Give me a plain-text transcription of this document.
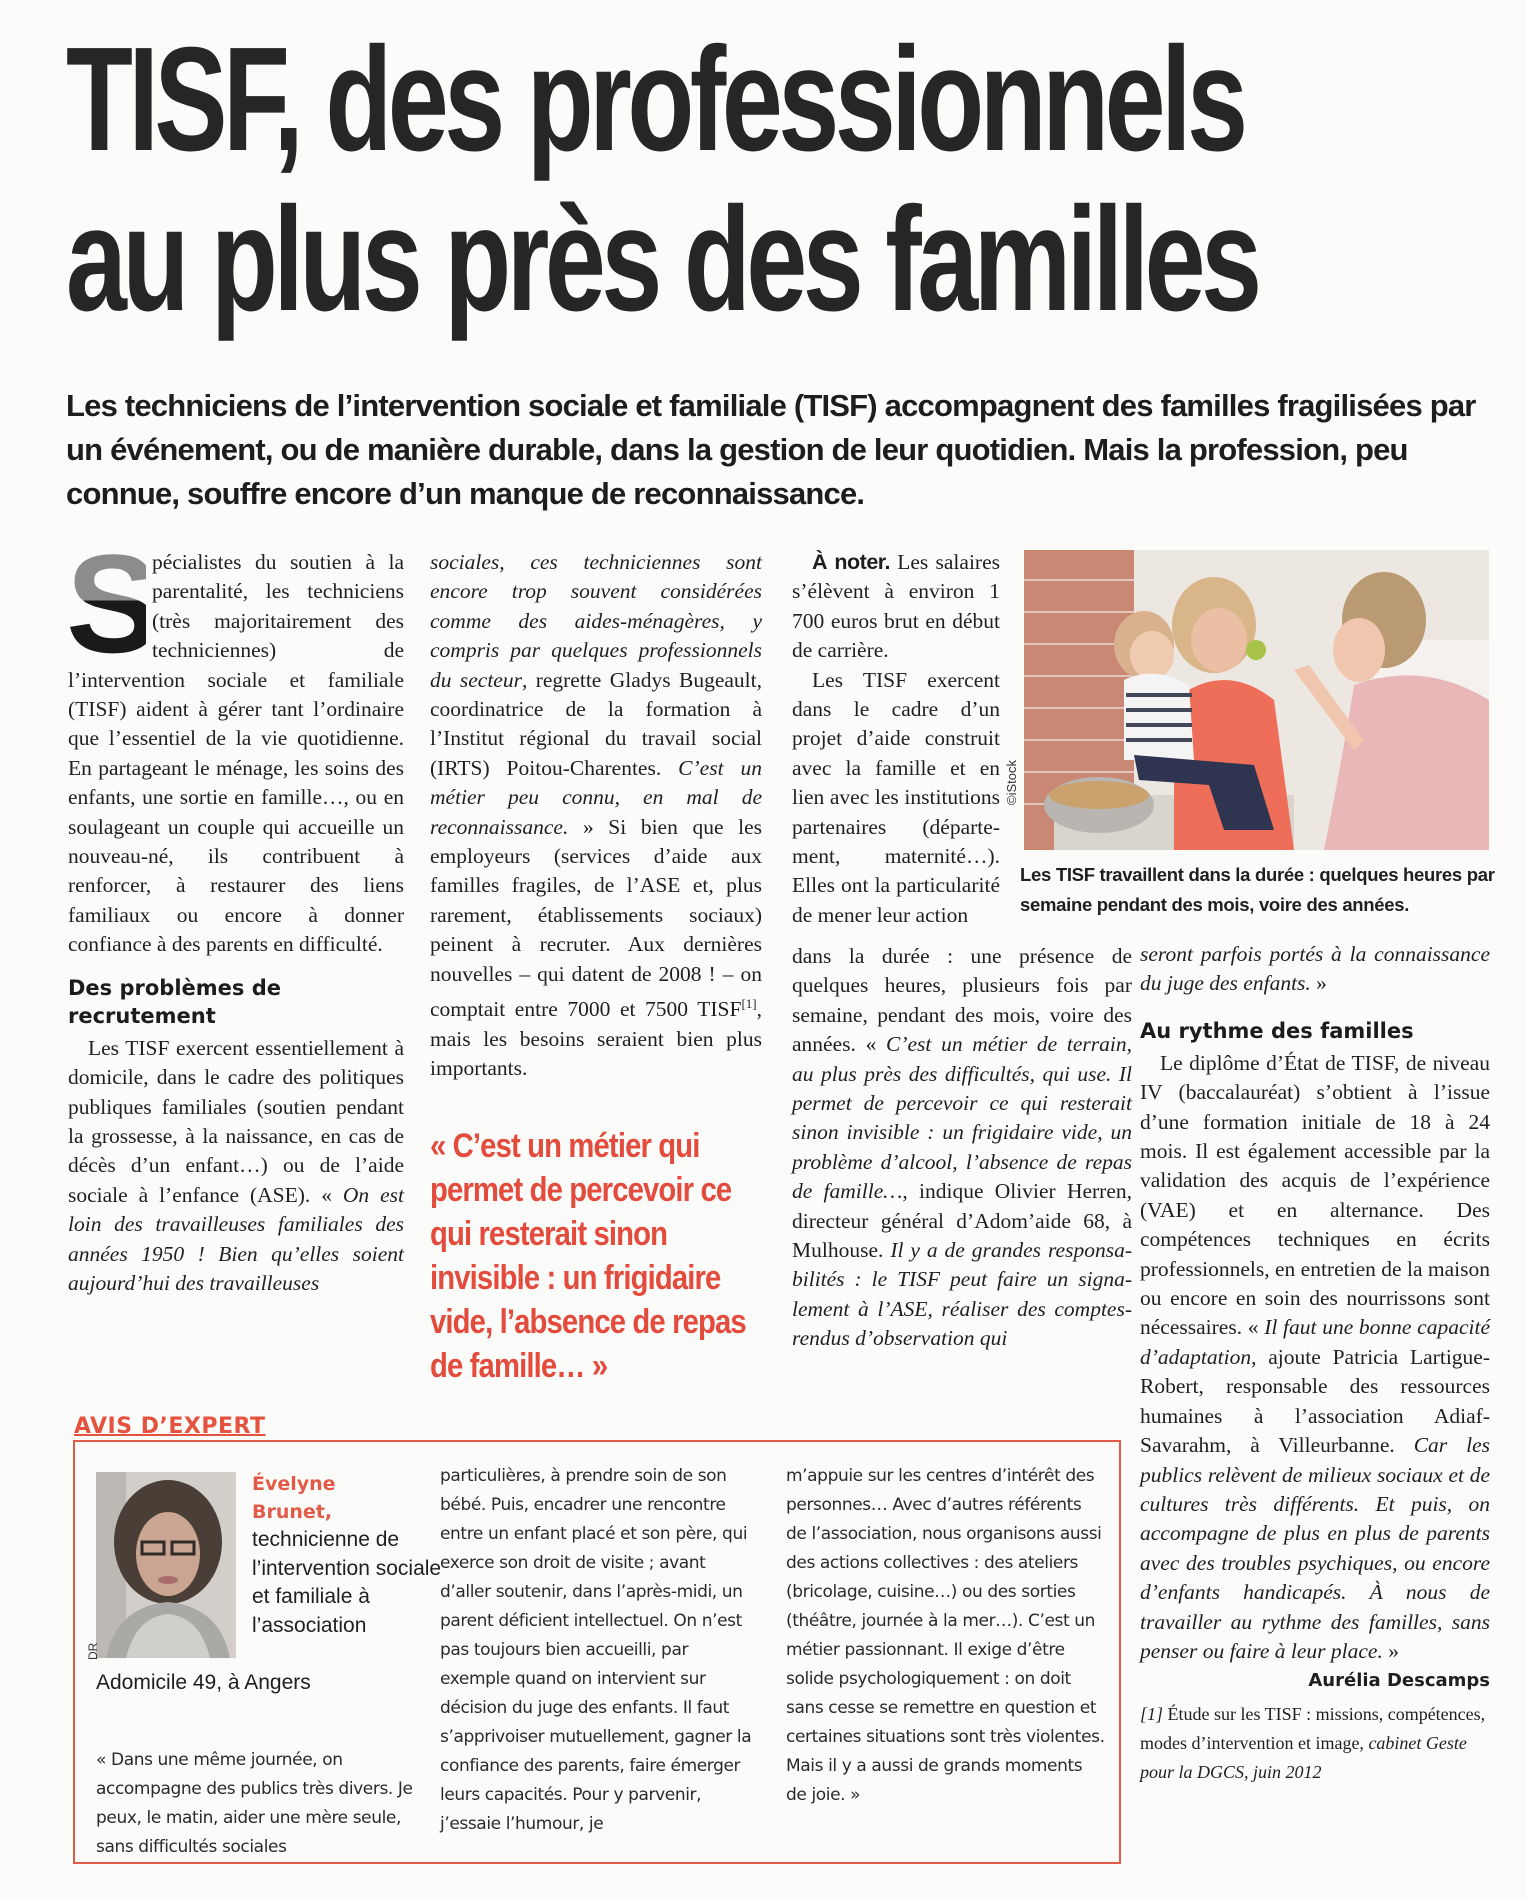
TISF, des professionnels
au plus près des familles
Les techniciens de l’intervention sociale et familiale (TISF) accompagnent des familles fragilisées par un événement, ou de manière durable, dans la gestion de leur quotidien. Mais la profession, peu connue, souffre encore d’un manque de reconnaissance.

S
pécialistes du soutien à la parentalité, les techniciens (très majoritairement des techniciennes) de l’intervention sociale et familiale (TISF) aident à gérer tant l’ordinaire que l’essentiel de la vie quotidienne. En partageant le ménage, les soins des enfants, une sortie en famille…, ou en soulageant un couple qui accueille un nouveau-né, ils contribuent à renforcer, à restaurer des liens familiaux ou encore à donner confiance à des parents en difficulté.

Des problèmes de recrutement

Les TISF exercent essentiellement à domicile, dans le cadre des politiques publiques familiales (soutien pendant la grossesse, à la naissance, en cas de décès d’un enfant…) ou de l’aide sociale à l’enfance (ASE). « On est loin des travailleuses familiales des années 1950 ! Bien qu’elles soient aujourd’hui des travailleuses

sociales, ces techniciennes sont encore trop souvent considérées comme des aides-ménagères, y compris par quelques professionnels du secteur, regrette Gladys Bugeault, coordinatrice de la formation à l’Institut régional du travail social (IRTS) Poitou-Charentes. C’est un métier peu connu, en mal de reconnaissance. » Si bien que les employeurs (services d’aide aux familles fragiles, de l’ASE et, plus rarement, établissements sociaux) peinent à recruter. Aux dernières nouvelles – qui datent de 2008 ! – on comptait entre 7000 et 7500 TISF[1], mais les besoins seraient bien plus importants.

« C’est un métier qui permet de percevoir ce qui resterait sinon invisible : un frigidaire vide, l’absence de repas de famille… »

À noter. Les salaires s’élèvent à environ 1 700 euros brut en début de carrière.

Les TISF exercent dans le cadre d’un projet d’aide construit avec la famille et en lien avec les institutions partenaires (département, maternité…). Elles ont la particularité de mener leur action

©iStock
Les TISF travaillent dans la durée : quelques heures par semaine pendant des mois, voire des années.

dans la durée : une présence de quelques heures, plusieurs fois par semaine, pendant des mois, voire des années. « C’est un métier de terrain, au plus près des difficultés, qui use. Il permet de percevoir ce qui resterait sinon invisible : un frigidaire vide, un problème d’alcool, l’absence de repas de famille…, indique Olivier Herren, directeur général d’Adom’aide 68, à Mulhouse. Il y a de grandes responsabilités : le TISF peut faire un signalement à l’ASE, réaliser des comptes-rendus d’observation qui

seront parfois portés à la connaissance du juge des enfants. »

Au rythme des familles

Le diplôme d’État de TISF, de niveau IV (baccalauréat) s’obtient à l’issue d’une formation initiale de 18 à 24 mois. Il est également accessible par la validation des acquis de l’expérience (VAE) et en alternance. Des compétences techniques en écrits professionnels, en entretien de la maison ou encore en soin des nourrissons sont nécessaires. « Il faut une bonne capacité d’adaptation, ajoute Patricia Lartigue-Robert, responsable des ressources humaines à l’association Adiaf-Savarahm, à Villeurbanne. Car les publics relèvent de milieux sociaux et de cultures très différents. Et puis, on accompagne de plus en plus de parents avec des troubles psychiques, ou encore d’enfants handicapés. À nous de travailler au rythme des familles, sans penser ou faire à leur place. »

Aurélia Descamps

[1] Étude sur les TISF : missions, compétences, modes d’intervention et image, cabinet Geste pour la DGCS, juin 2012

AVIS D’EXPERT
DR
Évelyne
Brunet,
technicienne de l’intervention sociale et familiale à l’association
Adomicile 49, à Angers
« Dans une même journée, on accompagne des publics très divers. Je peux, le matin, aider une mère seule, sans difficultés sociales
particulières, à prendre soin de son bébé. Puis, encadrer une rencontre entre un enfant placé et son père, qui exerce son droit de visite ; avant d’aller soutenir, dans l’après-midi, un parent déficient intellectuel. On n’est pas toujours bien accueilli, par exemple quand on intervient sur décision du juge des enfants. Il faut s’apprivoiser mutuellement, gagner la confiance des parents, faire émerger leurs capacités. Pour y parvenir, j’essaie l’humour, je
m’appuie sur les centres d’intérêt des personnes… Avec d’autres référents de l’association, nous organisons aussi des actions collectives : des ateliers (bricolage, cuisine…) ou des sorties (théâtre, journée à la mer…). C’est un métier passionnant. Il exige d’être solide psychologiquement : on doit sans cesse se remettre en question et certaines situations sont très violentes. Mais il y a aussi de grands moments de joie. »
